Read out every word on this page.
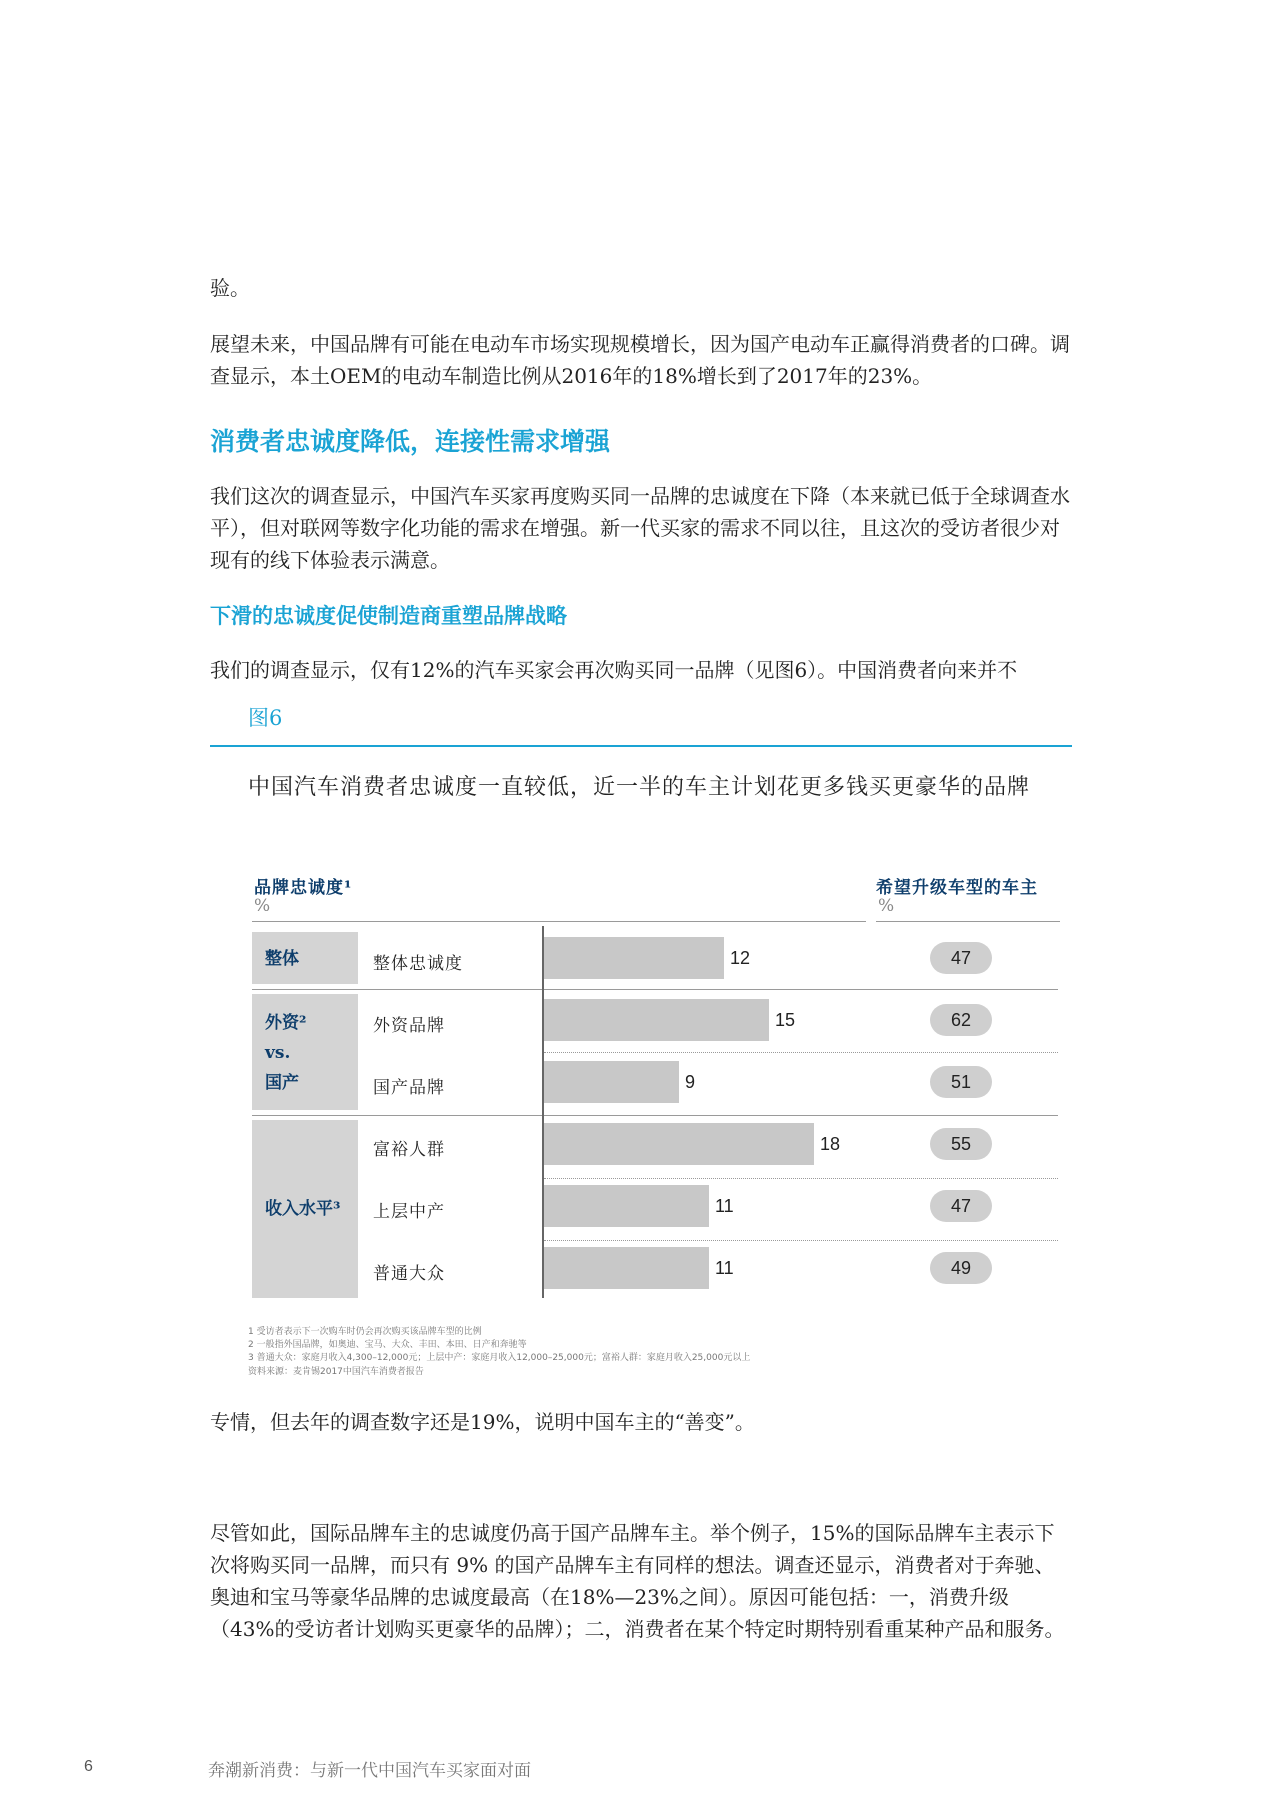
验。

展望未来，中国品牌有可能在电动车市场实现规模增长，因为国产电动车正赢得消费者的口碑。调查显示，本土OEM的电动车制造比例从2016年的18%增长到了2017年的23%。

消费者忠诚度降低，连接性需求增强

我们这次的调查显示，中国汽车买家再度购买同一品牌的忠诚度在下降（本来就已低于全球调查水平），但对联网等数字化功能的需求在增强。新一代买家的需求不同以往，且这次的受访者很少对现有的线下体验表示满意。

下滑的忠诚度促使制造商重塑品牌战略

我们的调查显示，仅有12%的汽车买家会再次购买同一品牌（见图6）。中国消费者向来并不

图6
中国汽车消费者忠诚度一直较低，近一半的车主计划花更多钱买更豪华的品牌
品牌忠诚度¹
%
希望升级车型的车主
%
整体
外资²
vs.
国产
收入水平³
整体忠诚度
外资品牌
国产品牌
富裕人群
上层中产
普通大众
12
15
9
18
11
11
47
62
51
55
47
49
1 受访者表示下一次购车时仍会再次购买该品牌车型的比例
2 一般指外国品牌，如奥迪、宝马、大众、丰田、本田、日产和奔驰等
3 普通大众：家庭月收入4,300–12,000元；上层中产：家庭月收入12,000–25,000元；富裕人群：家庭月收入25,000元以上
资料来源：麦肯锡2017中国汽车消费者报告

专情，但去年的调查数字还是19%，说明中国车主的“善变”。

尽管如此，国际品牌车主的忠诚度仍高于国产品牌车主。举个例子，15%的国际品牌车主表示下次将购买同一品牌，而只有 9% 的国产品牌车主有同样的想法。调查还显示，消费者对于奔驰、奥迪和宝马等豪华品牌的忠诚度最高（在18%—23%之间）。原因可能包括：一，消费升级（43%的受访者计划购买更豪华的品牌）；二，消费者在某个特定时期特别看重某种产品和服务。

6	奔潮新消费：与新一代中国汽车买家面对面
